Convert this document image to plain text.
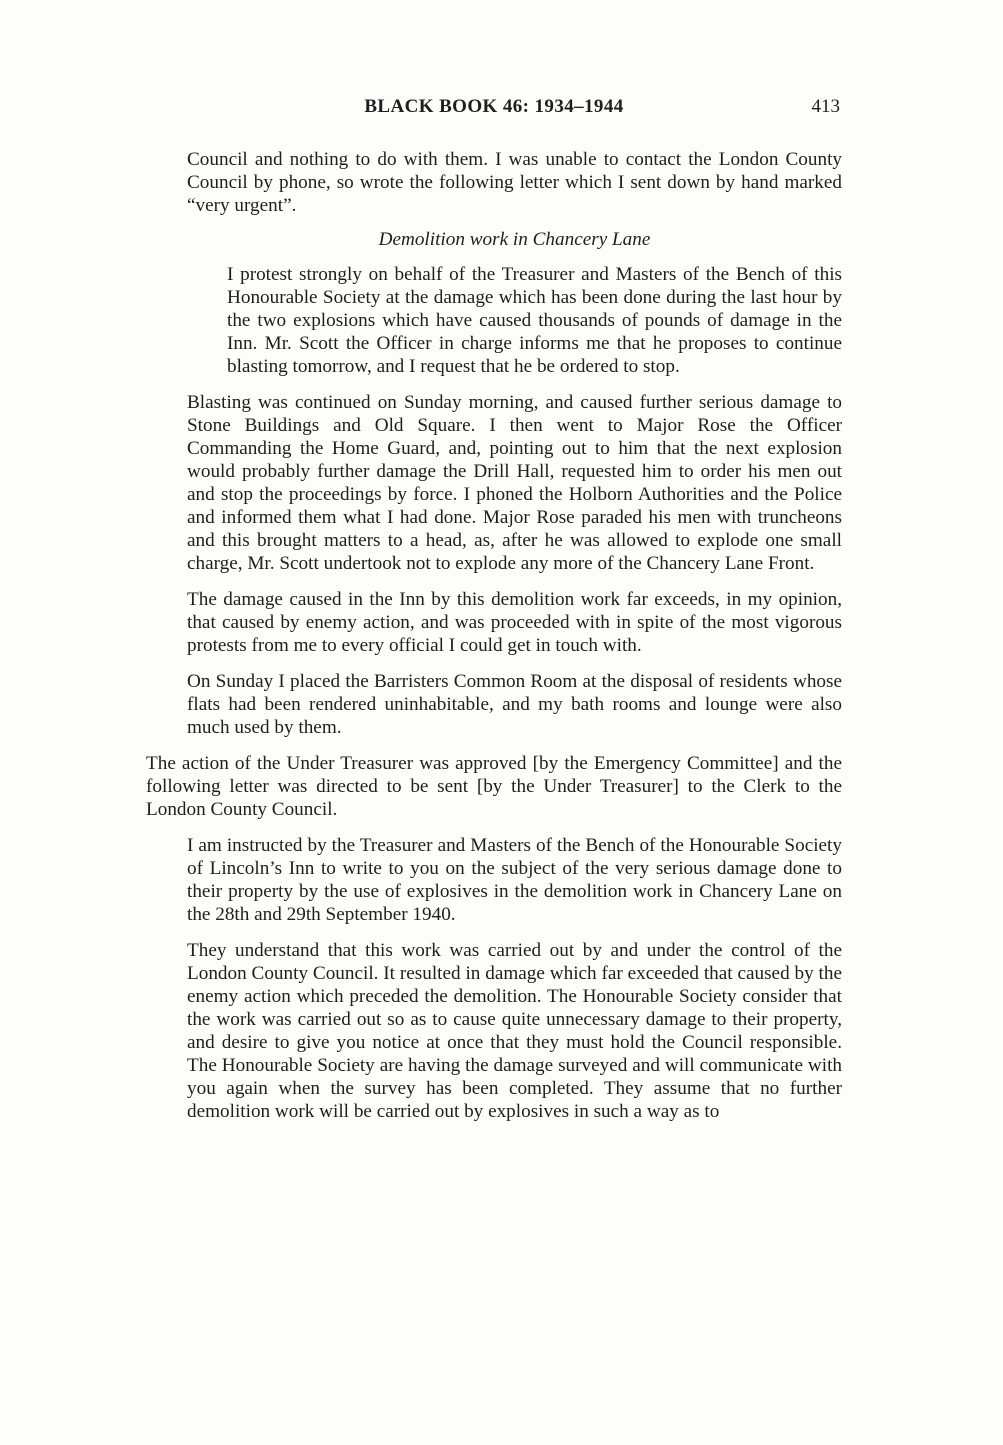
BLACK BOOK 46: 1934–1944	413

Council and nothing to do with them. I was unable to contact the London County Council by phone, so wrote the following letter which I sent down by hand marked “very urgent”.

Demolition work in Chancery Lane

I protest strongly on behalf of the Treasurer and Masters of the Bench of this Honourable Society at the damage which has been done during the last hour by the two explosions which have caused thousands of pounds of damage in the Inn. Mr. Scott the Officer in charge informs me that he proposes to continue blasting tomorrow, and I request that he be ordered to stop.

Blasting was continued on Sunday morning, and caused further serious damage to Stone Buildings and Old Square. I then went to Major Rose the Officer Commanding the Home Guard, and, pointing out to him that the next explosion would probably further damage the Drill Hall, requested him to order his men out and stop the proceedings by force. I phoned the Holborn Authorities and the Police and informed them what I had done. Major Rose paraded his men with truncheons and this brought matters to a head, as, after he was allowed to explode one small charge, Mr. Scott undertook not to explode any more of the Chancery Lane Front.

The damage caused in the Inn by this demolition work far exceeds, in my opinion, that caused by enemy action, and was proceeded with in spite of the most vigorous protests from me to every official I could get in touch with.

On Sunday I placed the Barristers Common Room at the disposal of residents whose flats had been rendered uninhabitable, and my bath rooms and lounge were also much used by them.

The action of the Under Treasurer was approved [by the Emergency Committee] and the following letter was directed to be sent [by the Under Treasurer] to the Clerk to the London County Council.

I am instructed by the Treasurer and Masters of the Bench of the Honourable Society of Lincoln’s Inn to write to you on the subject of the very serious damage done to their property by the use of explosives in the demolition work in Chancery Lane on the 28th and 29th September 1940.

They understand that this work was carried out by and under the control of the London County Council. It resulted in damage which far exceeded that caused by the enemy action which preceded the demolition. The Honourable Society consider that the work was carried out so as to cause quite unnecessary damage to their property, and desire to give you notice at once that they must hold the Council responsible. The Honourable Society are having the damage surveyed and will communicate with you again when the survey has been completed. They assume that no further demolition work will be carried out by explosives in such a way as to
